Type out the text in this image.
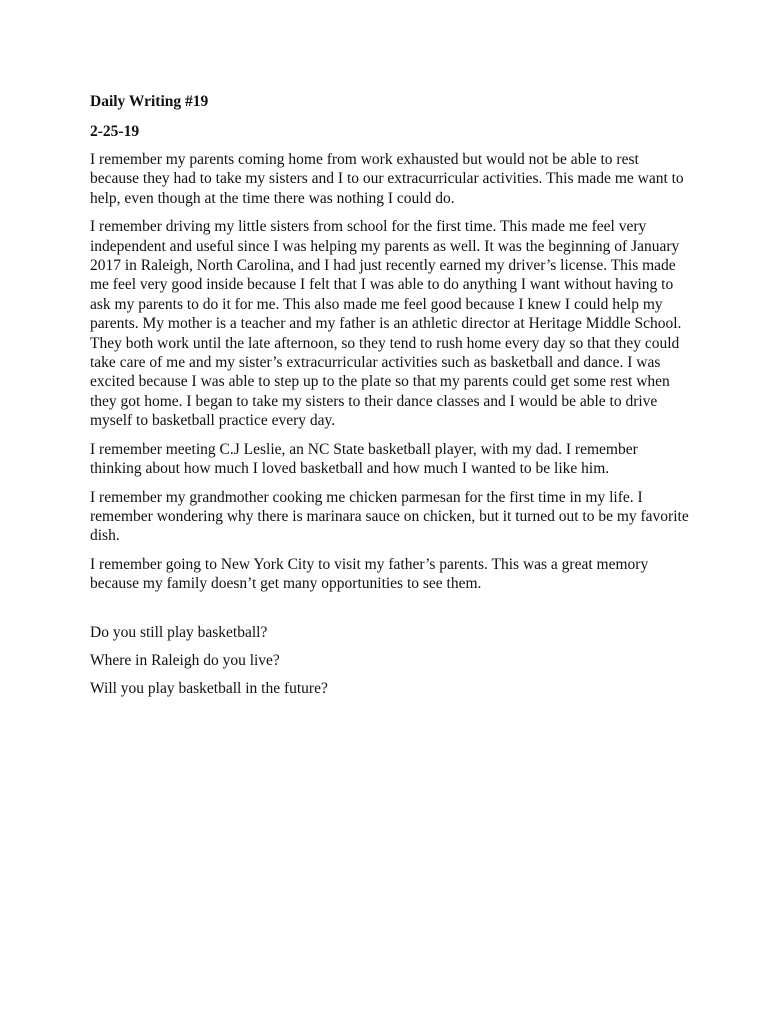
Daily Writing #19

2-25-19

I remember my parents coming home from work exhausted but would not be able to rest because they had to take my sisters and I to our extracurricular activities. This made me want to help, even though at the time there was nothing I could do.

I remember driving my little sisters from school for the first time. This made me feel very independent and useful since I was helping my parents as well. It was the beginning of January 2017 in Raleigh, North Carolina, and I had just recently earned my driver’s license. This made me feel very good inside because I felt that I was able to do anything I want without having to ask my parents to do it for me. This also made me feel good because I knew I could help my parents. My mother is a teacher and my father is an athletic director at Heritage Middle School. They both work until the late afternoon, so they tend to rush home every day so that they could take care of me and my sister’s extracurricular activities such as basketball and dance. I was excited because I was able to step up to the plate so that my parents could get some rest when they got home. I began to take my sisters to their dance classes and I would be able to drive myself to basketball practice every day.

I remember meeting C.J Leslie, an NC State basketball player, with my dad. I remember thinking about how much I loved basketball and how much I wanted to be like him.

I remember my grandmother cooking me chicken parmesan for the first time in my life. I remember wondering why there is marinara sauce on chicken, but it turned out to be my favorite dish.

I remember going to New York City to visit my father’s parents. This was a great memory because my family doesn’t get many opportunities to see them.

Do you still play basketball?

Where in Raleigh do you live?

Will you play basketball in the future?
